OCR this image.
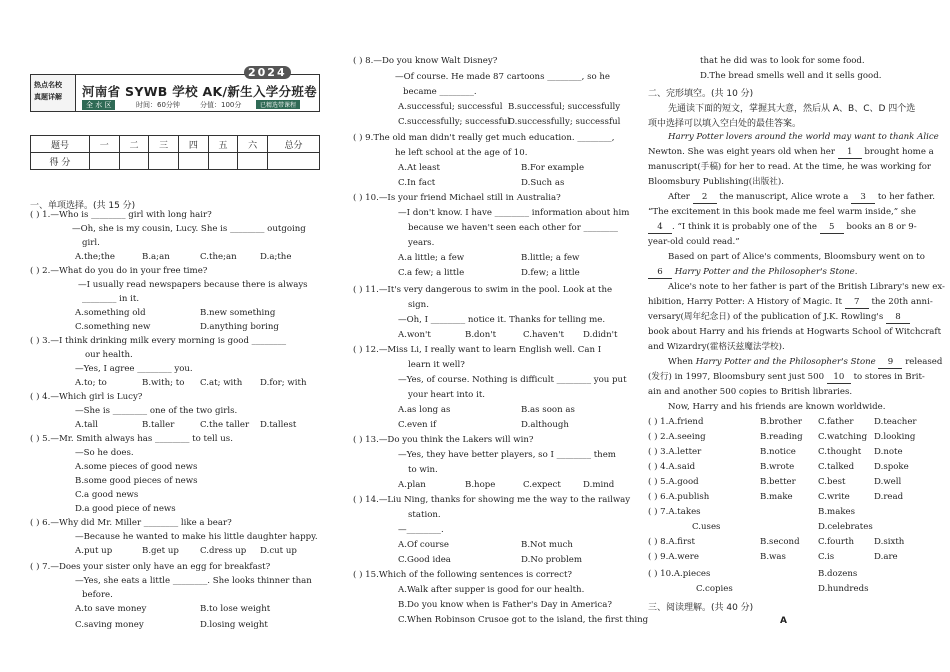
热点名校
真题详解
2024
河南省 SYWB 学校 AK/新生入学分班卷
全 水 区	时间：60分钟	分值：100分	已精选带课程
题号	一	二	三	四	五	六	总分
得 分							
一、单项选择。(共 15 分)
( ) 1.—Who is ________ girl with long hair?
—Oh, she is my cousin, Lucy. She is ________ outgoing
girl.
A.the;the	B.a;an	C.the;an	D.a;the
( ) 2.—What do you do in your free time?
—I usually read newspapers because there is always
________ in it.
A.something old	B.new something
C.something new	D.anything boring
( ) 3.—I think drinking milk every morning is good ________
our health.
—Yes, I agree ________ you.
A.to; to	B.with; to C.at; with D.for; with
( ) 4.—Which girl is Lucy?
—She is ________ one of the two girls.
A.tall	B.taller	C.the taller D.tallest
( ) 5.—Mr. Smith always has ________ to tell us.
—So he does.
A.some pieces of good news
B.some good pieces of news
C.a good news
D.a good piece of news
( ) 6.—Why did Mr. Miller ________ like a bear?
—Because he wanted to make his little daughter happy.
A.put up	B.get up C.dress up D.cut up
( ) 7.—Does your sister only have an egg for breakfast?
—Yes, she eats a little ________. She looks thinner than
before.
A.to save money	B.to lose weight
C.saving money	D.losing weight
( ) 8.—Do you know Walt Disney?
—Of course. He made 87 cartoons ________, so he
became ________.
A.successful; successful B.successful; successfully
C.successfully; successful
D.successfully; successful
( ) 9.The old man didn't really get much education. ________,
he left school at the age of 10.
A.At least	B.For example
C.In fact	D.Such as
( ) 10.—Is your friend Michael still in Australia?
—I don't know. I have ________ information about him
because we haven't seen each other for ________
years.
A.a little; a few	B.little; a few
C.a few; a little	D.few; a little
( ) 11.—It's very dangerous to swim in the pool. Look at the
sign.
—Oh, I ________ notice it. Thanks for telling me.
A.won't	B.don't	C.haven't D.didn't
( ) 12.—Miss Li, I really want to learn English well. Can I
learn it well?
—Yes, of course. Nothing is difficult ________ you put
your heart into it.
A.as long as	B.as soon as
C.even if	D.although
( ) 13.—Do you think the Lakers will win?
—Yes, they have better players, so I ________ them
to win.
A.plan	B.hope	C.expect	D.mind
( ) 14.—Liu Ning, thanks for showing me the way to the railway
station.
—________.
A.Of course	B.Not much
C.Good idea	D.No problem
( ) 15.Which of the following sentences is correct?
A.Walk after supper is good for our health.
B.Do you know when is Father's Day in America?
C.When Robinson Crusoe got to the island, the first thing
that he did was to look for some food.
D.The bread smells well and it sells good.
二、完形填空。(共 10 分)
先通读下面的短文，掌握其大意，然后从 A、B、C、D 四个选
项中选择可以填入空白处的最佳答案。
Harry Potter lovers around the world may want to thank Alice
Newton. She was eight years old when her 1 brought home a
manuscript(手稿) for her to read. At the time, he was working for
Bloomsbury Publishing(出版社).
After 2 the manuscript, Alice wrote a 3 to her father.
“The excitement in this book made me feel warm inside,” she
4 . “I think it is probably one of the 5 books an 8 or 9-
year-old could read.”
Based on part of Alice's comments, Bloomsbury went on to
6 Harry Potter and the Philosopher's Stone.
Alice's note to her father is part of the British Library's new ex-
hibition, Harry Potter: A History of Magic. It 7 the 20th anni-
versary(周年纪念日) of the publication of J.K. Rowling's 8
book about Harry and his friends at Hogwarts School of Witchcraft
and Wizardry(霍格沃兹魔法学校).
When Harry Potter and the Philosopher's Stone 9 released
(发行) in 1997, Bloomsbury sent just 500 10 to stores in Brit-
ain and another 500 copies to British libraries.
Now, Harry and his friends are known worldwide.
( ) 1.A.friend	B.brother C.father D.teacher
( ) 2.A.seeing	B.reading C.watching D.looking
( ) 3.A.letter	B.notice	C.thought D.note
( ) 4.A.said	B.wrote	C.talked D.spoke
( ) 5.A.good	B.better	C.best	D.well
( ) 6.A.publish	B.make	C.write	D.read
( ) 7.A.takes	B.makes
C.uses	D.celebrates
( ) 8.A.first	B.second C.fourth D.sixth
( ) 9.A.were	B.was	C.is	D.are
( ) 10.A.pieces	B.dozens
C.copies	D.hundreds
三、阅读理解。(共 40 分)
A
